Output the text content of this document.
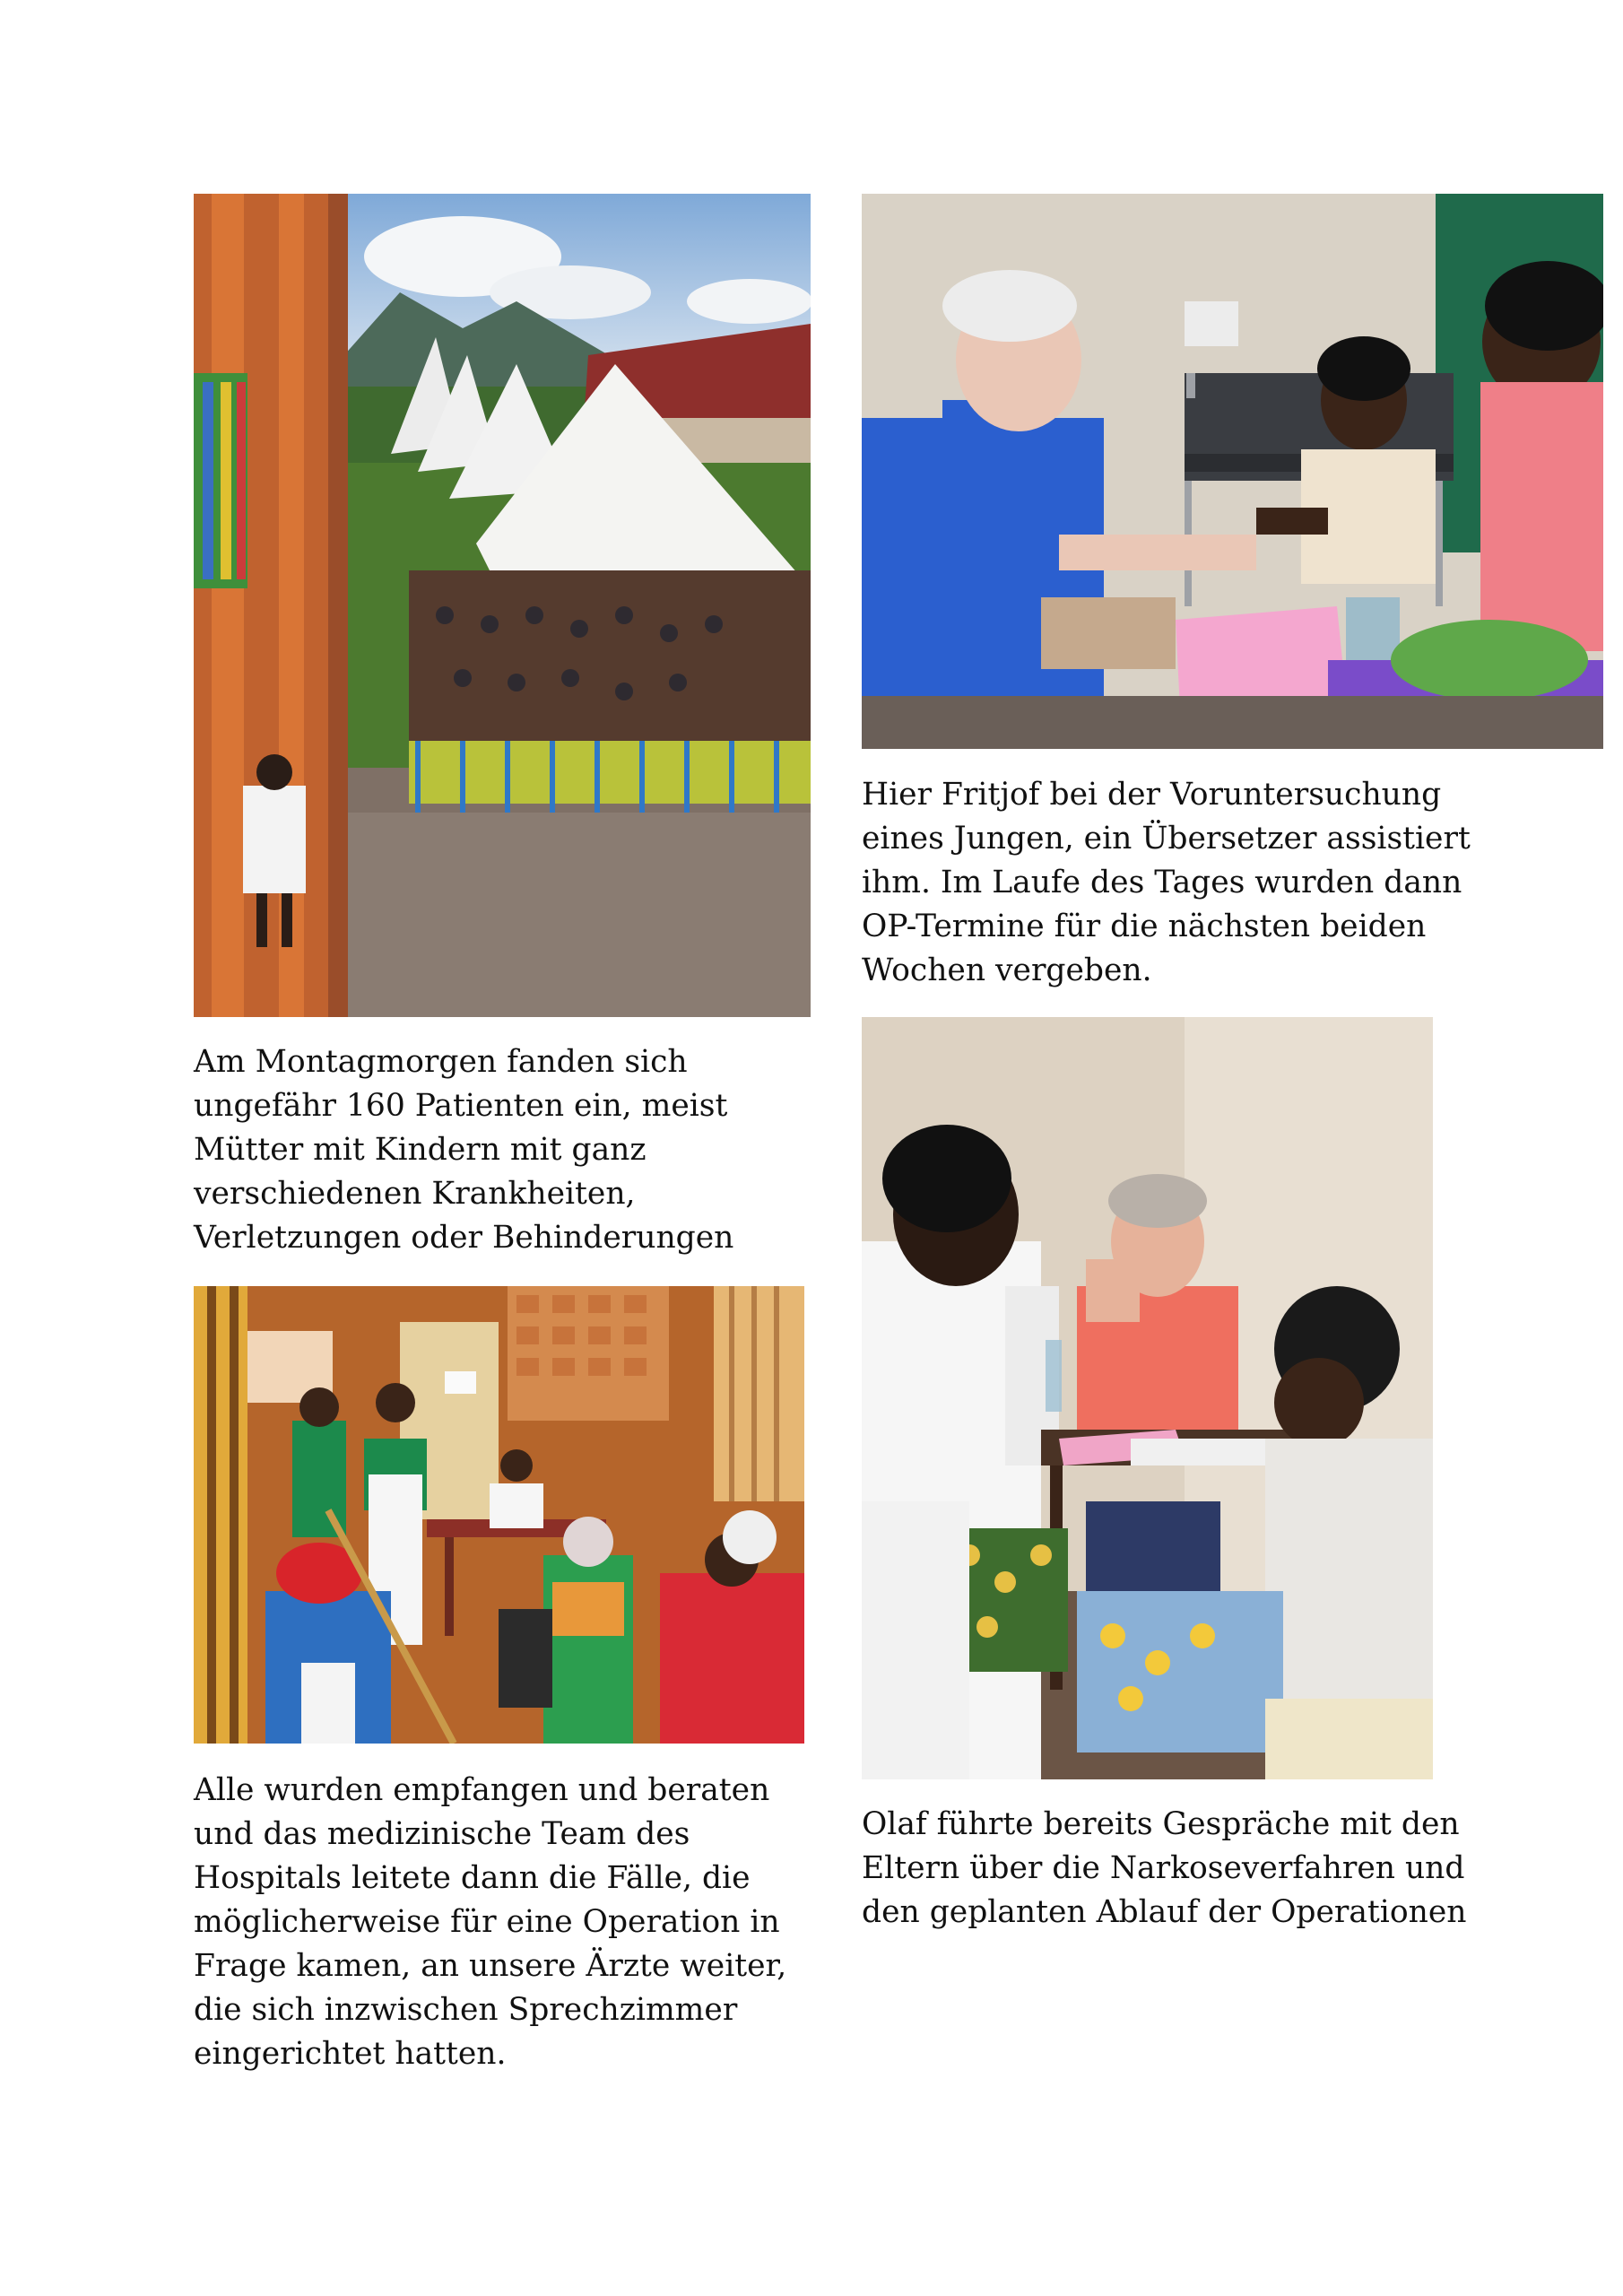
Am Montagmorgen fanden sich
ungefähr 160 Patienten ein, meist
Mütter mit Kindern mit ganz
verschiedenen Krankheiten,
Verletzungen oder Behinderungen

Hier Fritjof bei der Voruntersuchung
eines Jungen, ein Übersetzer assistiert
ihm. Im Laufe des Tages wurden dann
OP-Termine für die nächsten beiden
Wochen vergeben.

Alle wurden empfangen und beraten
und das medizinische Team des
Hospitals leitete dann die Fälle, die
möglicherweise für eine Operation in
Frage kamen, an unsere Ärzte weiter,
die sich inzwischen Sprechzimmer
eingerichtet hatten.

Olaf führte bereits Gespräche mit den
Eltern über die Narkoseverfahren und
den geplanten Ablauf der Operationen
